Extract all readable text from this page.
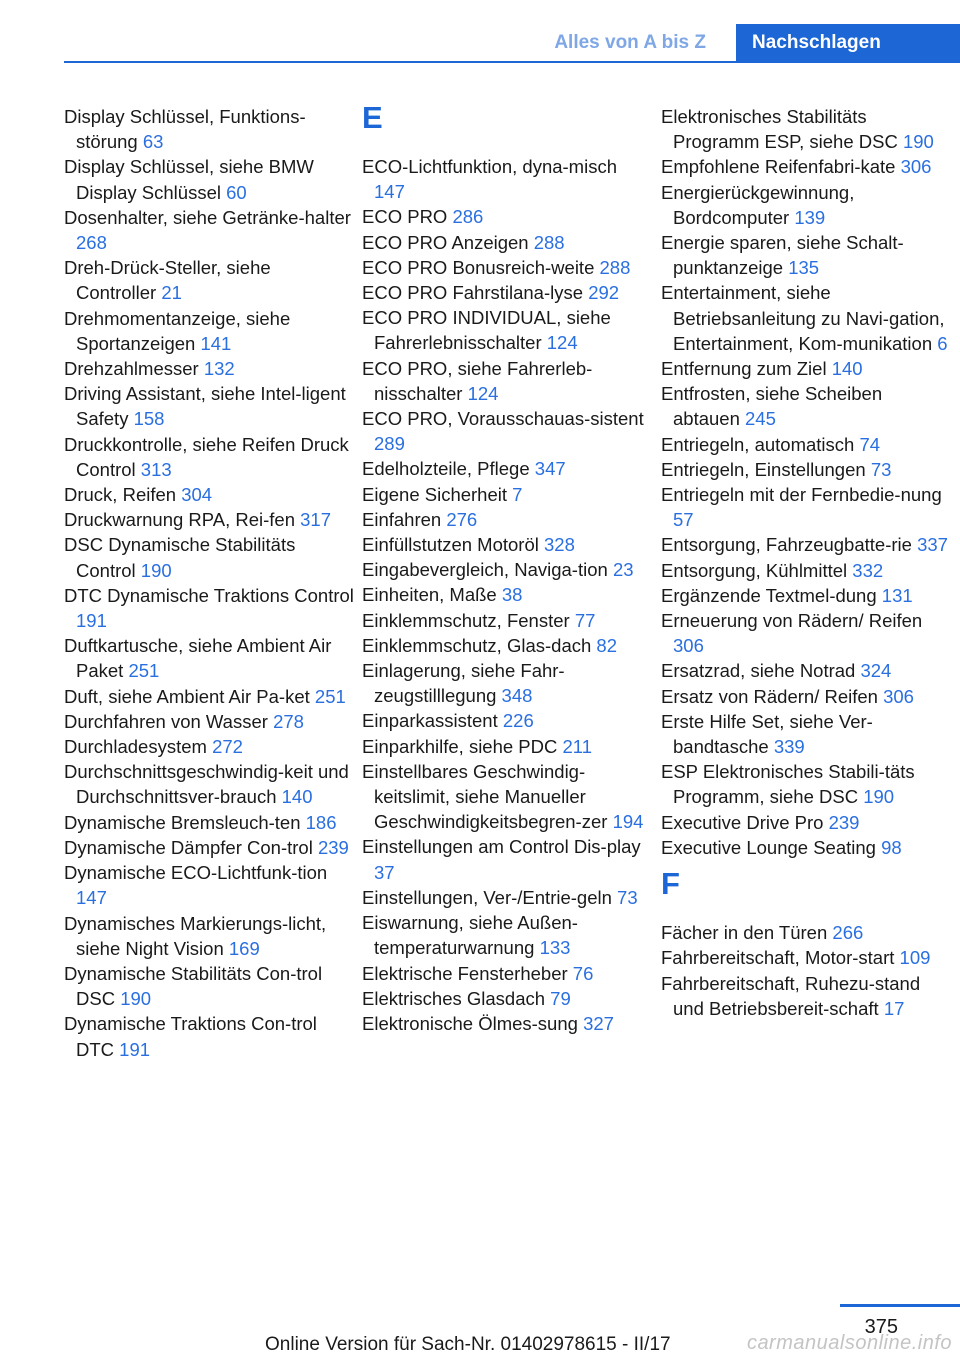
Alles von A bis Z	Nachschlagen

Display Schlüssel, Funktions-störung 63

Display Schlüssel, siehe BMW Display Schlüssel 60

Dosenhalter, siehe Getränke-halter 268

Dreh-Drück-Steller, siehe Controller 21

Drehmomentanzeige, siehe Sportanzeigen 141

Drehzahlmesser 132

Driving Assistant, siehe Intel-ligent Safety 158

Druckkontrolle, siehe Reifen Druck Control 313

Druck, Reifen 304

Druckwarnung RPA, Rei-fen 317

DSC Dynamische Stabilitäts Control 190

DTC Dynamische Traktions Control 191

Duftkartusche, siehe Ambient Air Paket 251

Duft, siehe Ambient Air Pa-ket 251

Durchfahren von Wasser 278

Durchladesystem 272

Durchschnittsgeschwindig-keit und Durchschnittsver-brauch 140

Dynamische Bremsleuch-ten 186

Dynamische Dämpfer Con-trol 239

Dynamische ECO-Lichtfunk-tion 147

Dynamisches Markierungs-licht, siehe Night Vision 169

Dynamische Stabilitäts Con-trol DSC 190

Dynamische Traktions Con-trol DTC 191

E

ECO-Lichtfunktion, dyna-misch 147

ECO PRO 286

ECO PRO Anzeigen 288

ECO PRO Bonusreich-weite 288

ECO PRO Fahrstilana-lyse 292

ECO PRO INDIVIDUAL, siehe Fahrerlebnisschalter 124

ECO PRO, siehe Fahrerleb-nisschalter 124

ECO PRO, Vorausschauas-sistent 289

Edelholzteile, Pflege 347

Eigene Sicherheit 7

Einfahren 276

Einfüllstutzen Motoröl 328

Eingabevergleich, Naviga-tion 23

Einheiten, Maße 38

Einklemmschutz, Fenster 77

Einklemmschutz, Glas-dach 82

Einlagerung, siehe Fahr-zeugstilllegung 348

Einparkassistent 226

Einparkhilfe, siehe PDC 211

Einstellbares Geschwindig-keitslimit, siehe Manueller Geschwindigkeitsbegren-zer 194

Einstellungen am Control Dis-play 37

Einstellungen, Ver-/Entrie-geln 73

Eiswarnung, siehe Außen-temperaturwarnung 133

Elektrische Fensterheber 76

Elektrisches Glasdach 79

Elektronische Ölmes-sung 327

Elektronisches Stabilitäts Programm ESP, siehe DSC 190

Empfohlene Reifenfabri-kate 306

Energierückgewinnung, Bordcomputer 139

Energie sparen, siehe Schalt-punktanzeige 135

Entertainment, siehe Betriebsanleitung zu Navi-gation, Entertainment, Kom-munikation 6

Entfernung zum Ziel 140

Entfrosten, siehe Scheiben abtauen 245

Entriegeln, automatisch 74

Entriegeln, Einstellungen 73

Entriegeln mit der Fernbedie-nung 57

Entsorgung, Fahrzeugbatte-rie 337

Entsorgung, Kühlmittel 332

Ergänzende Textmel-dung 131

Erneuerung von Rädern/ Reifen 306

Ersatzrad, siehe Notrad 324

Ersatz von Rädern/ Reifen 306

Erste Hilfe Set, siehe Ver-bandtasche 339

ESP Elektronisches Stabili-täts Programm, siehe DSC 190

Executive Drive Pro 239

Executive Lounge Seating 98

F

Fächer in den Türen 266

Fahrbereitschaft, Motor-start 109

Fahrbereitschaft, Ruhezu-stand und Betriebsbereit-schaft 17

375
Online Version für Sach-Nr. 01402978615 - II/17	carmanualsonline.info
